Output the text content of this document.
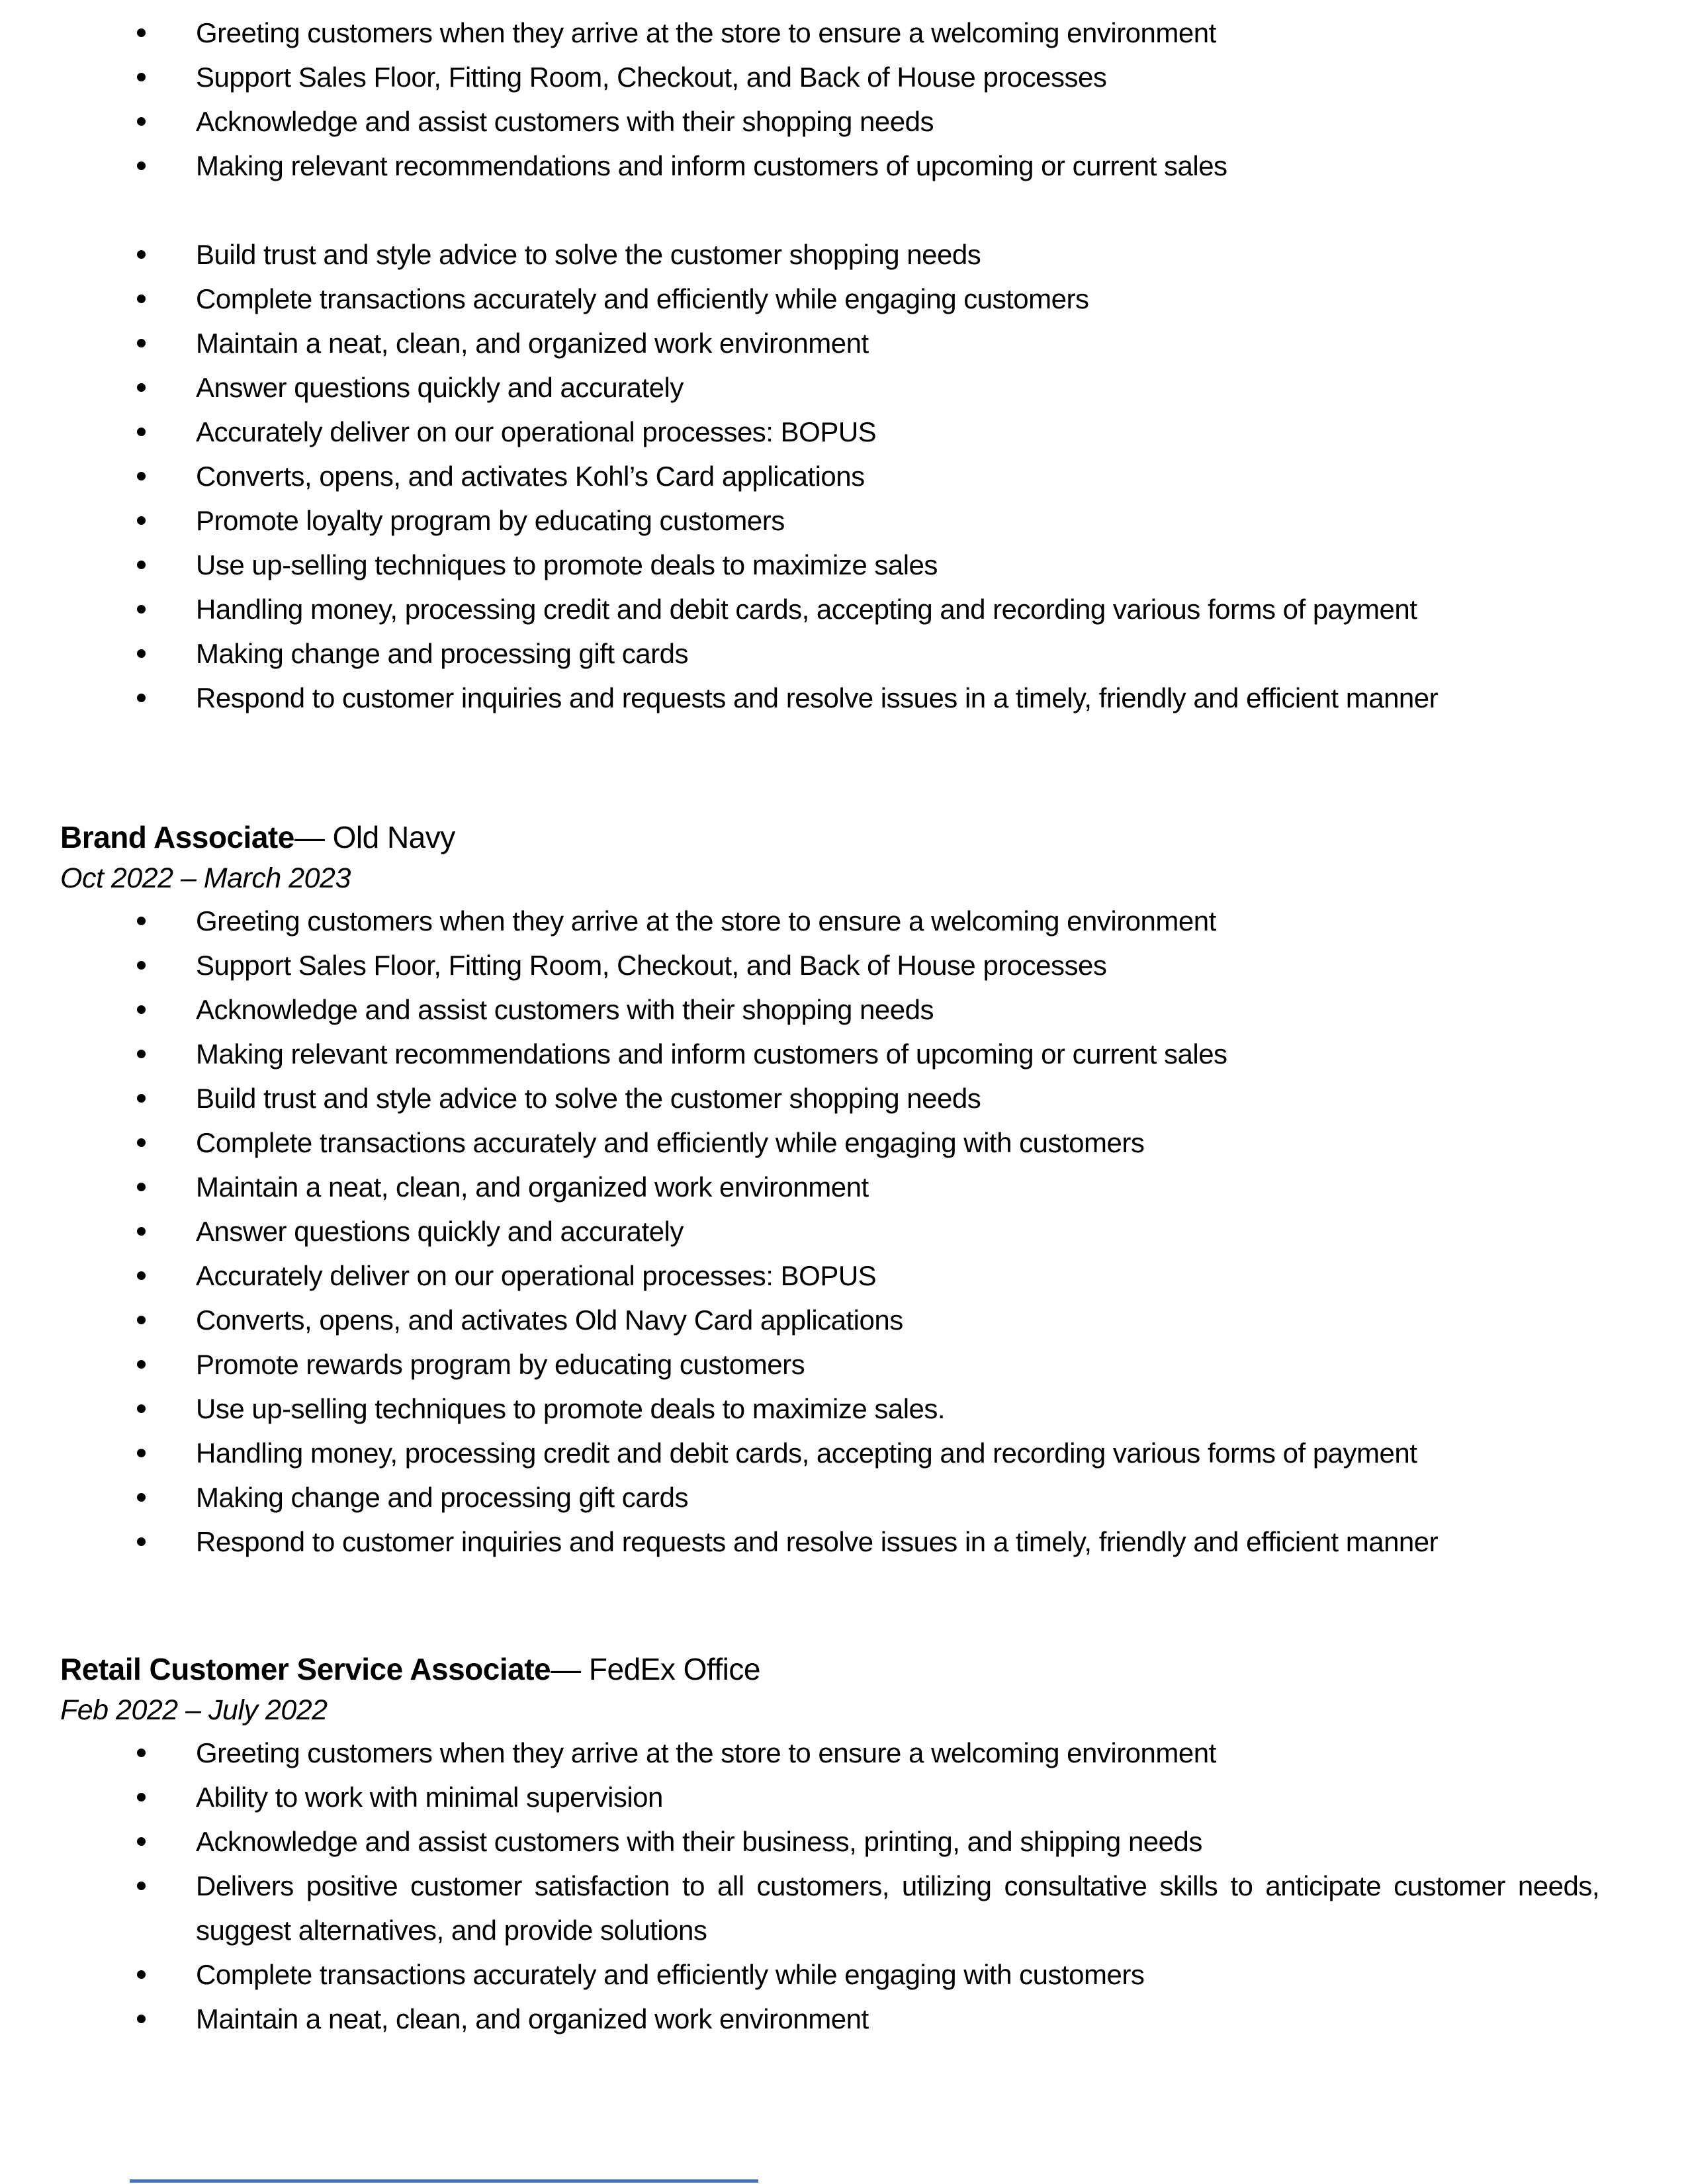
Greeting customers when they arrive at the store to ensure a welcoming environment
Support Sales Floor, Fitting Room, Checkout, and Back of House processes
Acknowledge and assist customers with their shopping needs
Making relevant recommendations and inform customers of upcoming or current sales
Build trust and style advice to solve the customer shopping needs
Complete transactions accurately and efficiently while engaging customers
Maintain a neat, clean, and organized work environment
Answer questions quickly and accurately
Accurately deliver on our operational processes: BOPUS
Converts, opens, and activates Kohl’s Card applications
Promote loyalty program by educating customers
Use up-selling techniques to promote deals to maximize sales
Handling money, processing credit and debit cards, accepting and recording various forms of payment
Making change and processing gift cards
Respond to customer inquiries and requests and resolve issues in a timely, friendly and efficient manner
Brand Associate— Old Navy
Oct 2022 – March 2023
Greeting customers when they arrive at the store to ensure a welcoming environment
Support Sales Floor, Fitting Room, Checkout, and Back of House processes
Acknowledge and assist customers with their shopping needs
Making relevant recommendations and inform customers of upcoming or current sales
Build trust and style advice to solve the customer shopping needs
Complete transactions accurately and efficiently while engaging with customers
Maintain a neat, clean, and organized work environment
Answer questions quickly and accurately
Accurately deliver on our operational processes: BOPUS
Converts, opens, and activates Old Navy Card applications
Promote rewards program by educating customers
Use up-selling techniques to promote deals to maximize sales.
Handling money, processing credit and debit cards, accepting and recording various forms of payment
Making change and processing gift cards
Respond to customer inquiries and requests and resolve issues in a timely, friendly and efficient manner
Retail Customer Service Associate— FedEx Office
Feb 2022 – July 2022
Greeting customers when they arrive at the store to ensure a welcoming environment
Ability to work with minimal supervision
Acknowledge and assist customers with their business, printing, and shipping needs
Delivers positive customer satisfaction to all customers, utilizing consultative skills to anticipate customer needs, suggest alternatives, and provide solutions
Complete transactions accurately and efficiently while engaging with customers
Maintain a neat, clean, and organized work environment
